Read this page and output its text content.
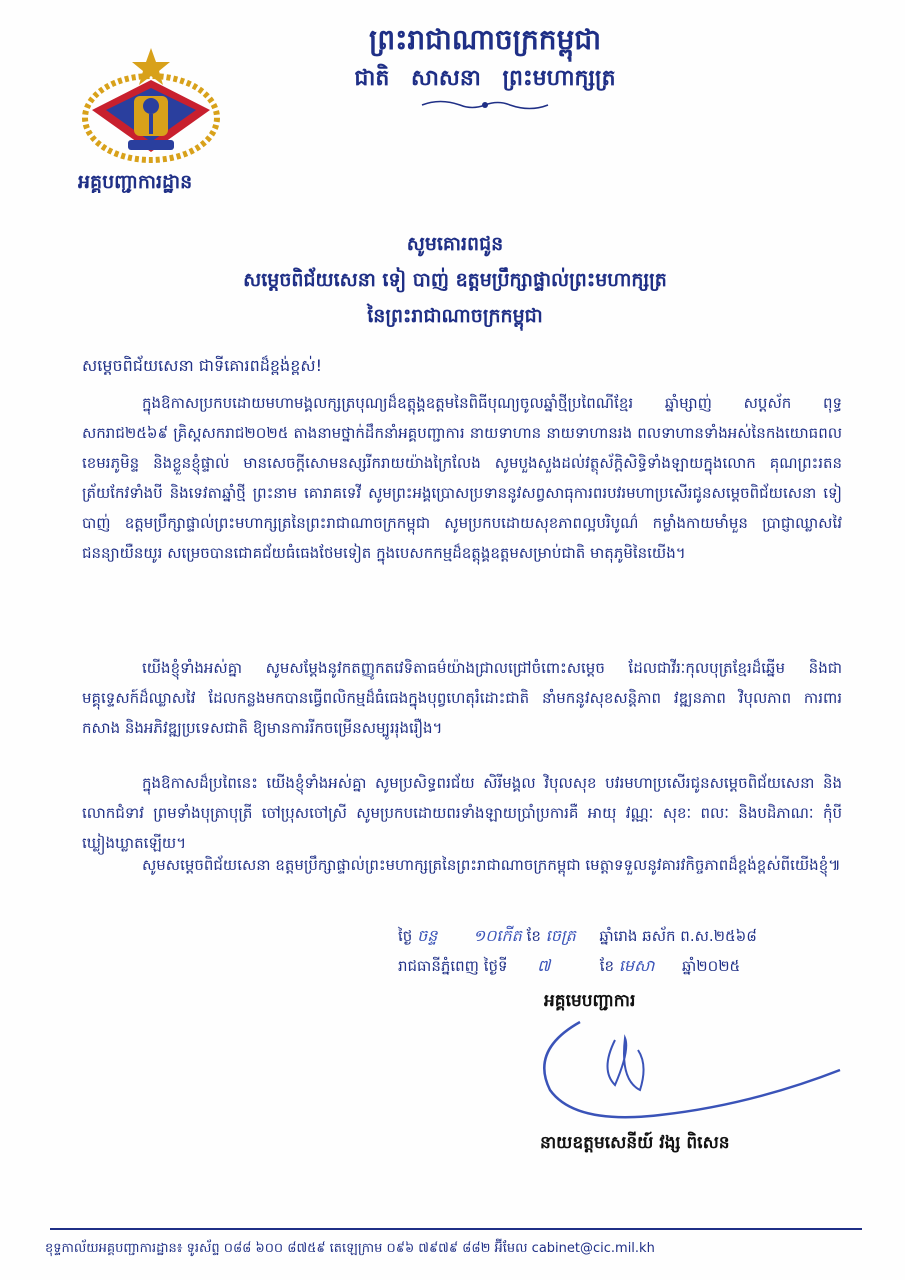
អគ្គបញ្ជាការដ្ឋាន
ព្រះរាជាណាចក្រកម្ពុជា
ជាតិ សាសនា ព្រះមហាក្សត្រ
សូមគោរពជូន
សម្តេចពិជ័យសេនា ទៀ បាញ់ ឧត្តមប្រឹក្សាផ្ទាល់ព្រះមហាក្សត្រ
នៃព្រះរាជាណាចក្រកម្ពុជា
សម្តេចពិជ័យសេនា ជាទីគោរពដ៏ខ្ពង់ខ្ពស់!
ក្នុងឱកាសប្រកបដោយមហាមង្គលក្សត្របុណ្យដ៏ឧត្តុង្គឧត្តមនៃពិធីបុណ្យចូលឆ្នាំថ្មីប្រពៃណីខ្មែរ ឆ្នាំម្សាញ់ សប្តស័ក ពុទ្ធសករាជ២៥៦៩ គ្រិស្តសករាជ២០២៥ តាងនាមថ្នាក់ដឹកនាំអគ្គបញ្ជាការ នាយទាហាន នាយទាហានរង ពលទាហានទាំងអស់នៃកងយោធពលខេមរភូមិន្ទ និងខ្លួនខ្ញុំផ្ទាល់ មានសេចក្តីសោមនស្សរីករាយយ៉ាងក្រៃលែង សូមបួងសួងដល់វត្ថុស័ក្តិសិទ្ធិទាំងឡាយក្នុងលោក គុណព្រះរតនត្រ័យកែវទាំងបី និងទេវតាឆ្នាំថ្មី ព្រះនាម គោរាគទេវី សូមព្រះអង្គប្រោសប្រទាននូវសព្វសាធុការពរបវរមហាប្រសើរជូនសម្តេចពិជ័យសេនា ទៀ បាញ់ ឧត្តមប្រឹក្សាផ្ទាល់ព្រះមហាក្សត្រនៃព្រះរាជាណាចក្រកម្ពុជា សូមប្រកបដោយសុខភាពល្អបរិបូណ៌ កម្លាំងកាយមាំមួន ប្រាជ្ញាឈ្លាសវៃ ជនន្យាយឺនយូរ សម្រេចបានជោគជ័យធំធេងថែមទៀត ក្នុងបេសកកម្មដ៏ឧត្តុង្គឧត្តមសម្រាប់ជាតិ មាតុភូមិនៃយើង។
យើងខ្ញុំទាំងអស់គ្នា សូមសម្តែងនូវកតញ្ញូកតវេទិតាធម៌យ៉ាងជ្រាលជ្រៅចំពោះសម្តេច ដែលជាវីរៈកុលបុត្រខ្មែរដ៏ឆ្នើម និងជាមគ្គុទ្ទេសក៍ដ៏ឈ្លាសវៃ ដែលកន្លងមកបានធ្វើពលិកម្មដ៏ធំធេងក្នុងបុព្វហេតុរំដោះជាតិ នាំមកនូវសុខសន្តិភាព វឌ្ឍនភាព វិបុលភាព ការពារ កសាង និងអភិវឌ្ឍប្រទេសជាតិ ឱ្យមានការរីកចម្រើនសម្បូររុងរឿង។
ក្នុងឱកាសដ៏ប្រពៃនេះ យើងខ្ញុំទាំងអស់គ្នា សូមប្រសិទ្ធពរជ័យ សិរីមង្គល វិបុលសុខ បវរមហាប្រសើរជូនសម្តេចពិជ័យសេនា និងលោកជំទាវ ព្រមទាំងបុត្រាបុត្រី ចៅប្រុសចៅស្រី សូមប្រកបដោយពរទាំងឡាយប្រាំប្រការគឺ អាយុ វណ្ណៈ សុខៈ ពលៈ និងបដិភាណៈ កុំបីឃ្លៀងឃ្លាតឡើយ។
សូមសម្តេចពិជ័យសេនា ឧត្តមប្រឹក្សាផ្ទាល់ព្រះមហាក្សត្រនៃព្រះរាជាណាចក្រកម្ពុជា មេត្តាទទួលនូវគារវកិច្ចភាពដ៏ខ្ពង់ខ្ពស់ពីយើងខ្ញុំ៕
ថ្ងៃ ចន្ទ ១០កើត ខែ ចេត្រ ឆ្នាំរោង ឆស័ក ព.ស.២៥៦៨
រាជធានីភ្នំពេញ ថ្ងៃទី ៧	ខែ មេសា ឆ្នាំ២០២៥
អគ្គមេបញ្ជាការ
នាយឧត្តមសេនីយ៍ វង្ស ពិសេន
ខុទ្ទកាល័យអគ្គបញ្ជាការដ្ឋាន៖ ទូរស័ព្ទ ០៨៨ ៦០០ ៨៧៥៩ តេឡេក្រាម ០៩៦ ៧៩៧៩ ៨៨២ អ៊ីមែល cabinet@cic.mil.kh
